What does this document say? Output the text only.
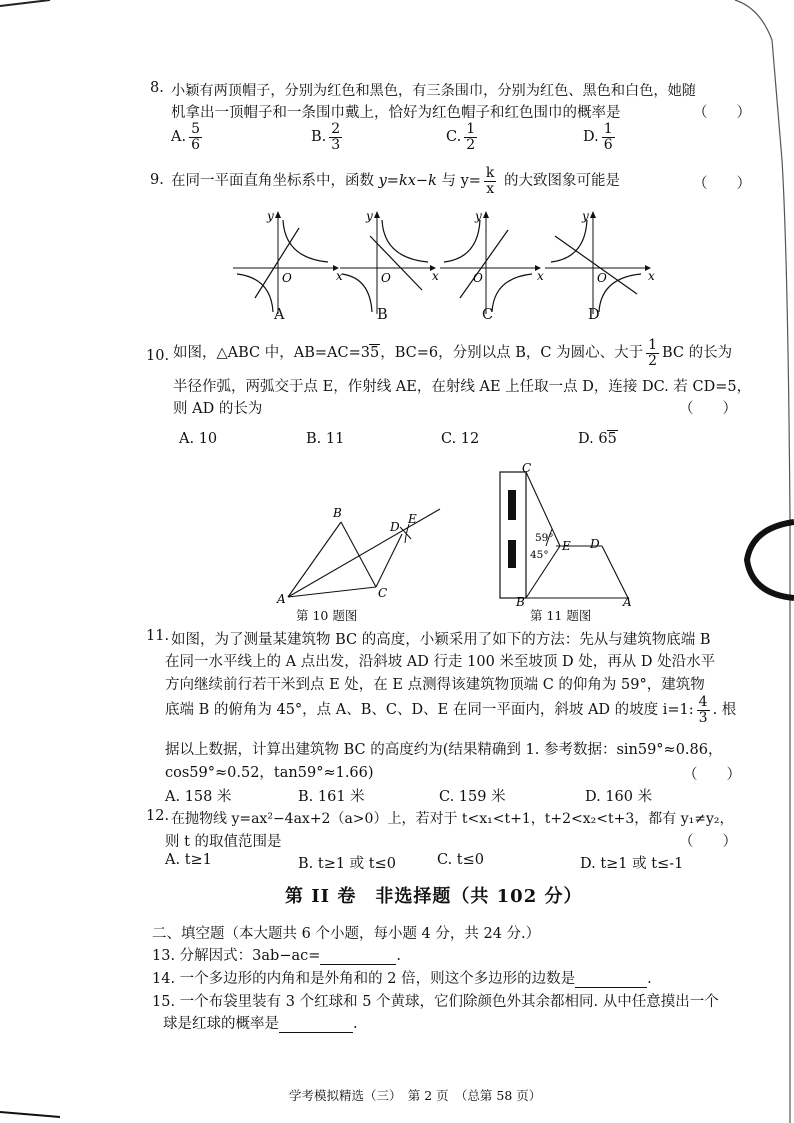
8. 小颖有两顶帽子，分别为红色和黑色，有三条围巾，分别为红色、黑色和白色，她随
机拿出一顶帽子和一条围巾戴上，恰好为红色帽子和红色围巾的概率是	（　　）
A. $\frac{5}{6}$	B. $\frac{2}{3}$	C. $\frac{1}{2}$	D. $\frac{1}{6}$
9. 在同一平面直角坐标系中，函数 y=kx−k 与 $y= \frac{k}{x}$ 的大致图象可能是	（　　）
y
x
O
y
x
O
y
x
O
y
x
O
A	B	C	D
10. 如图，△ABC 中，AB=AC=35，BC=6，分别以点 B，C 为圆心、大于 $\frac{1}{2}$ BC 的长为
半径作弧，两弧交于点 E，作射线 AE，在射线 AE 上任取一点 D，连接 DC. 若 CD=5，
则 AD 的长为	（　　）
A. 10	B. 11	C. 12	D. 65
A
B
C
D
E
第 10 题图
59°
45°
C
E D
B	A
第 11 题图
11. 如图，为了测量某建筑物 BC 的高度，小颖采用了如下的方法：先从与建筑物底端 B
在同一水平线上的 A 点出发，沿斜坡 AD 行走 100 米至坡顶 D 处，再从 D 处沿水平
方向继续前行若干米到点 E 处，在 E 点测得该建筑物顶端 C 的仰角为 59°，建筑物
底端 B 的俯角为 45°，点 A、B、C、D、E 在同一平面内，斜坡 AD 的坡度 i=1: $\frac{4}{3}$ . 根
据以上数据，计算出建筑物 BC 的高度约为(结果精确到 1. 参考数据：sin59°≈0.86，
cos59°≈0.52，tan59°≈1.66)	（　　）
A. 158 米	B. 161 米	C. 159 米	D. 160 米
12. 在抛物线 y=ax²−4ax+2（a>0）上，若对于 t<x₁<t+1，t+2<x₂<t+3，都有 y₁≠y₂，
则 t 的取值范围是	（　　）
A. t≥1	B. t≥1 或 t≤0	C. t≤0	D. t≥1 或 t≤-1
第 II 卷　非选择题（共 102 分）
二、填空题（本大题共 6 个小题，每小题 4 分，共 24 分.）
13. 分解因式：3ab−ac=	.
14. 一个多边形的内角和是外角和的 2 倍，则这个多边形的边数是	.
15. 一个布袋里装有 3 个红球和 5 个黄球，它们除颜色外其余都相同. 从中任意摸出一个
球是红球的概率是	.
学考模拟精选（三）　第 2 页　（总第 58 页）
